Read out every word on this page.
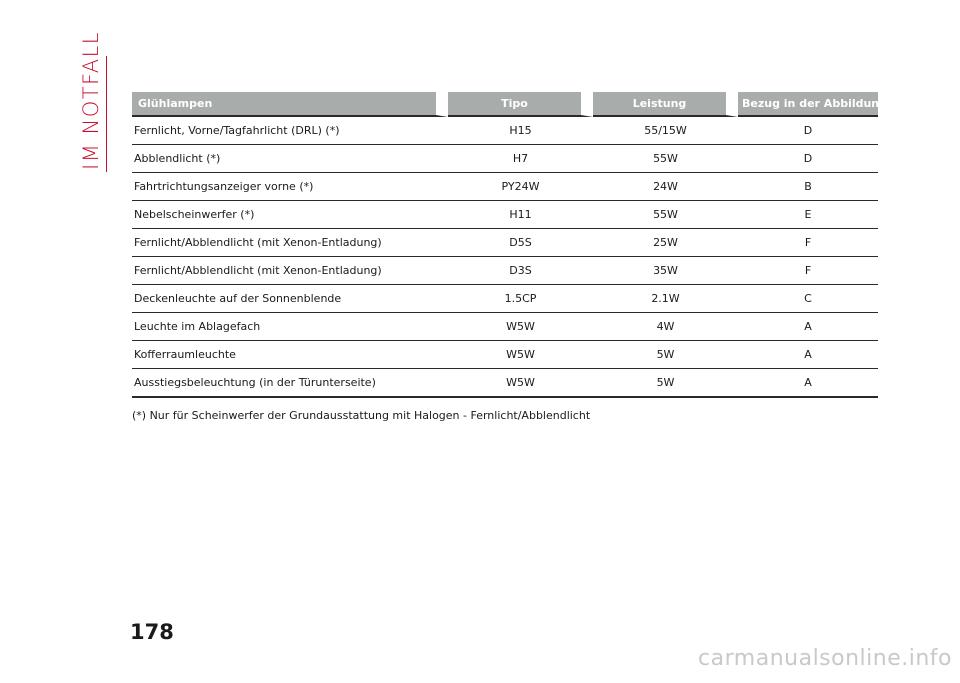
IM NOTFALL	Glühlampen	Tipo	Leistung	Bezug in der Abbildung
Fernlicht, Vorne/Tagfahrlicht (DRL) (*)	H15	55/15W	D
Abblendlicht (*)	H7	55W	D
Fahrtrichtungsanzeiger vorne (*)	PY24W	24W	B
Nebelscheinwerfer (*)	H11	55W	E
Fernlicht/Abblendlicht (mit Xenon-Entladung)	D5S	25W	F
Fernlicht/Abblendlicht (mit Xenon-Entladung)	D3S	35W	F
Deckenleuchte auf der Sonnenblende	1.5CP	2.1W	C
Leuchte im Ablagefach	W5W	4W	A
Kofferraumleuchte	W5W	5W	A
Ausstiegsbeleuchtung (in der Türunterseite)	W5W	5W	A
(*) Nur für Scheinwerfer der Grundausstattung mit Halogen - Fernlicht/Abblendlicht
178
carmanualsonline.info
